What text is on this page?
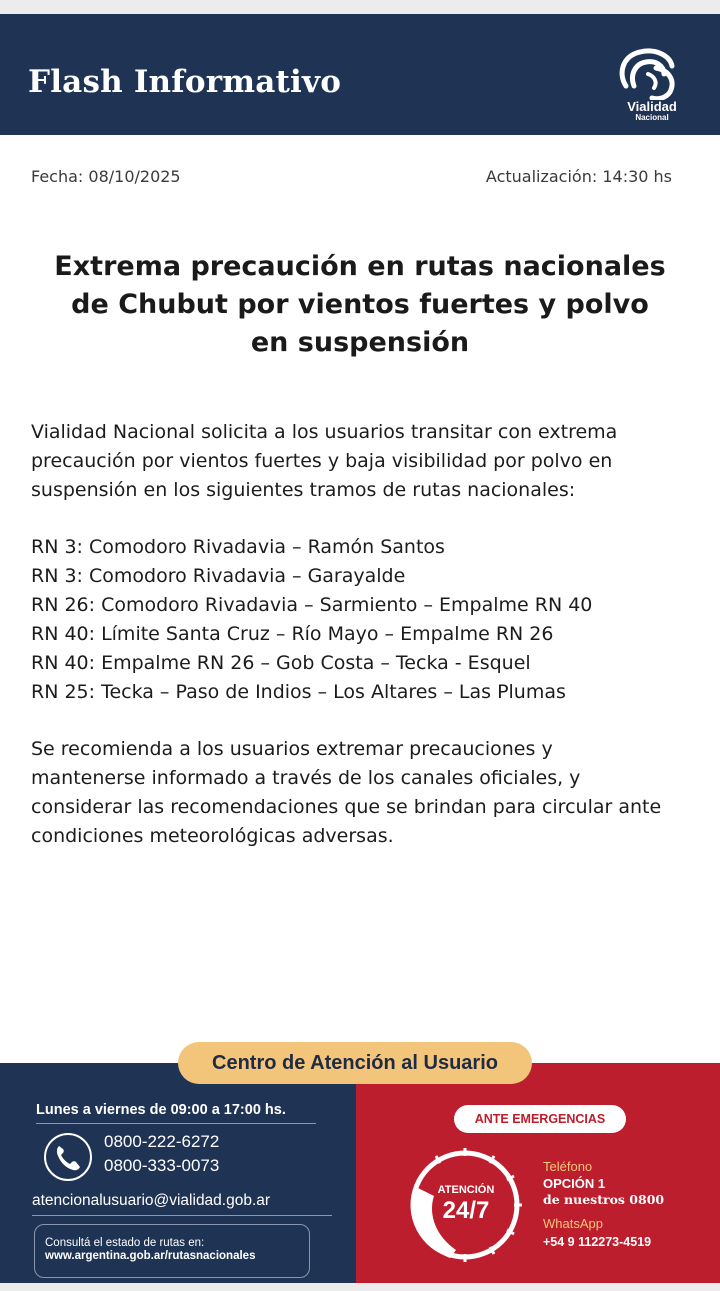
Flash Informativo
Vialidad
Nacional
Fecha: 08/10/2025	Actualización: 14:30 hs
Extrema precaución en rutas nacionales
de Chubut por vientos fuertes y polvo
en suspensión
Vialidad Nacional solicita a los usuarios transitar con extrema
precaución por vientos fuertes y baja visibilidad por polvo en
suspensión en los siguientes tramos de rutas nacionales:
RN 3: Comodoro Rivadavia – Ramón Santos
RN 3: Comodoro Rivadavia – Garayalde
RN 26: Comodoro Rivadavia – Sarmiento – Empalme RN 40
RN 40: Límite Santa Cruz – Río Mayo – Empalme RN 26
RN 40: Empalme RN 26 – Gob Costa – Tecka - Esquel
RN 25: Tecka – Paso de Indios – Los Altares – Las Plumas
Se recomienda a los usuarios extremar precauciones y
mantenerse informado a través de los canales oficiales, y
considerar las recomendaciones que se brindan para circular ante
condiciones meteorológicas adversas.
Centro de Atención al Usuario
Lunes a viernes de 09:00 a 17:00 hs.
0800-222-6272
0800-333-0073
atencionalusuario@vialidad.gob.ar
Consultá el estado de rutas en:
www.argentina.gob.ar/rutasnacionales
ANTE EMERGENCIAS
ATENCIÓN
24/7
Teléfono
OPCIÓN 1
de nuestros 0800
WhatsApp
+54 9 112273-4519
